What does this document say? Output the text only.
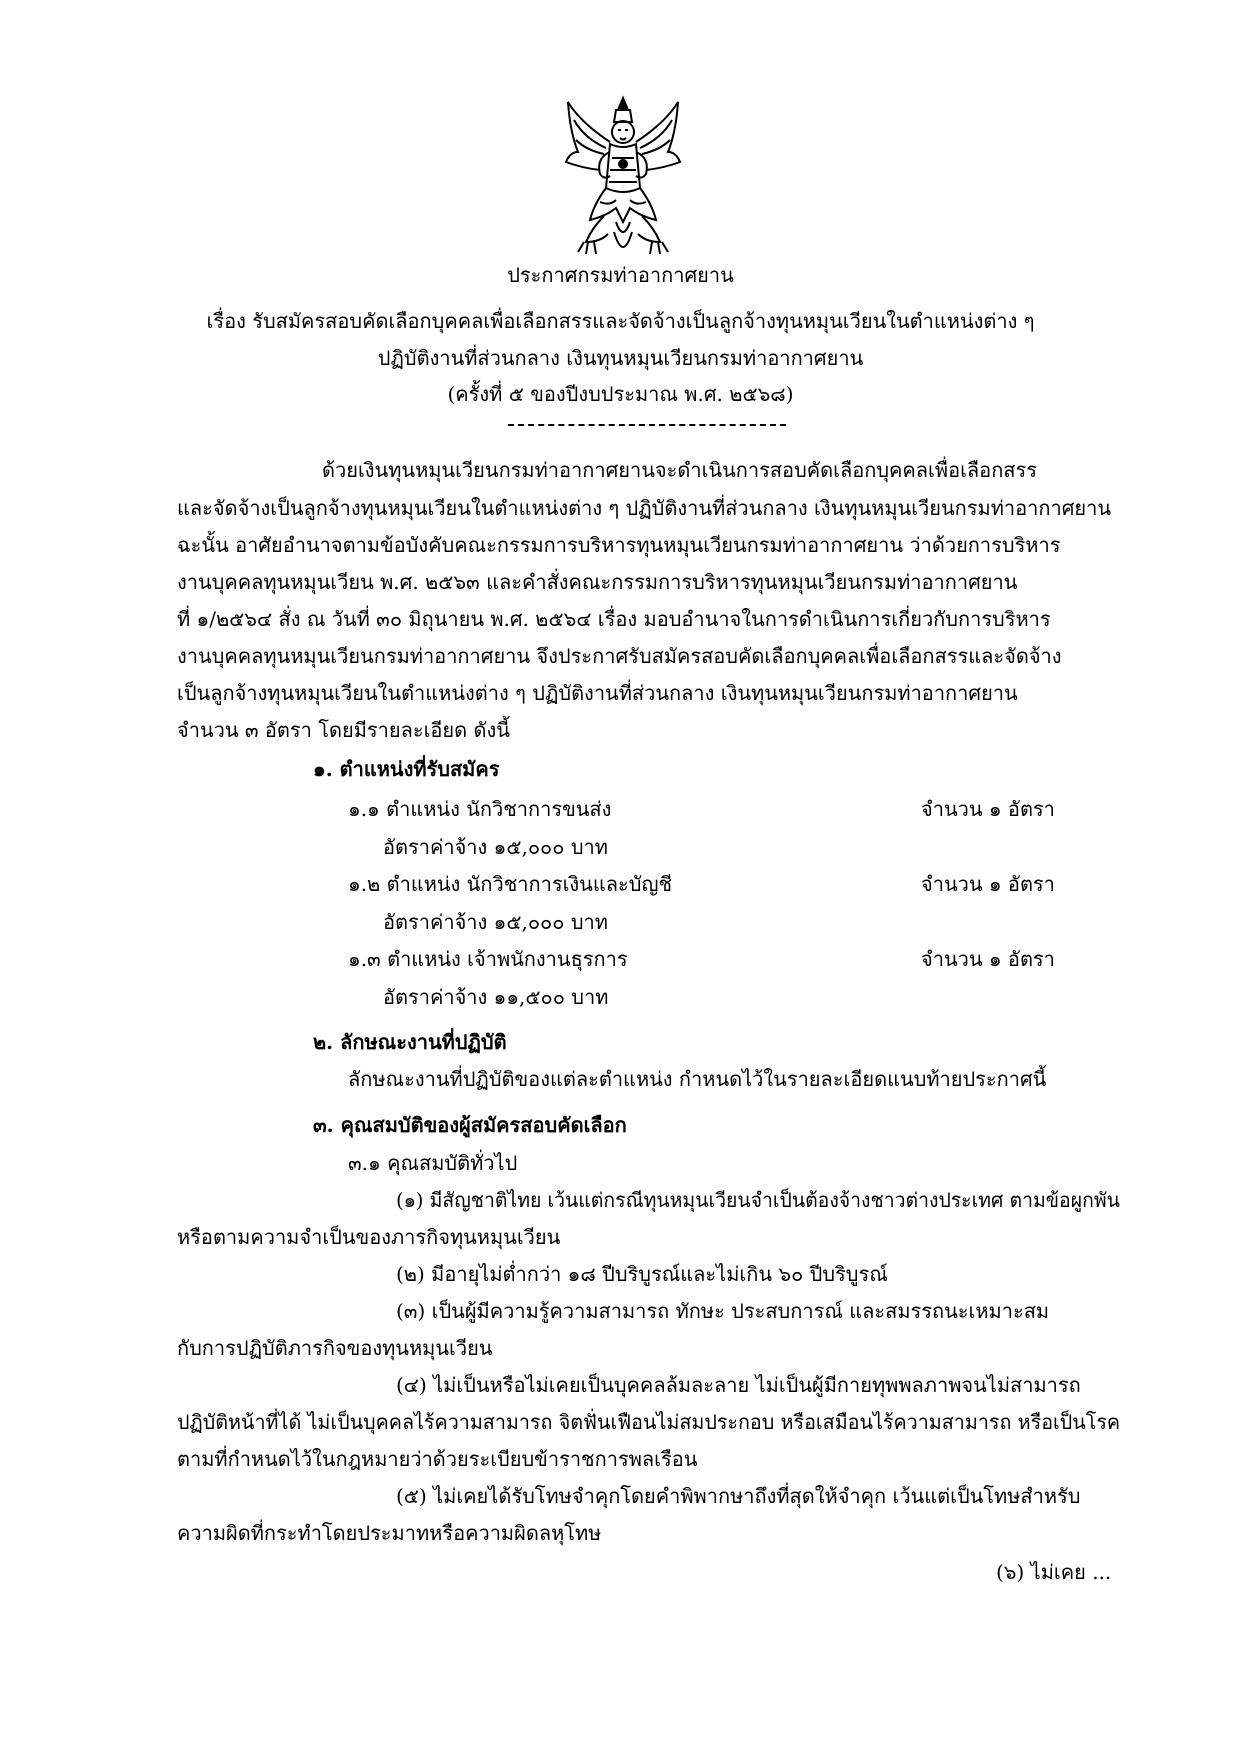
ประกาศกรมท่าอากาศยาน
เรื่อง รับสมัครสอบคัดเลือกบุคคลเพื่อเลือกสรรและจัดจ้างเป็นลูกจ้างทุนหมุนเวียนในตำแหน่งต่าง ๆ
ปฏิบัติงานที่ส่วนกลาง เงินทุนหมุนเวียนกรมท่าอากาศยาน
(ครั้งที่ ๕ ของปีงบประมาณ พ.ศ. ๒๕๖๘)
ด้วยเงินทุนหมุนเวียนกรมท่าอากาศยานจะดำเนินการสอบคัดเลือกบุคคลเพื่อเลือกสรร
และจัดจ้างเป็นลูกจ้างทุนหมุนเวียนในตำแหน่งต่าง ๆ ปฏิบัติงานที่ส่วนกลาง เงินทุนหมุนเวียนกรมท่าอากาศยาน
ฉะนั้น อาศัยอำนาจตามข้อบังคับคณะกรรมการบริหารทุนหมุนเวียนกรมท่าอากาศยาน ว่าด้วยการบริหาร
งานบุคคลทุนหมุนเวียน พ.ศ. ๒๕๖๓ และคำสั่งคณะกรรมการบริหารทุนหมุนเวียนกรมท่าอากาศยาน
ที่ ๑/๒๕๖๔ สั่ง ณ วันที่ ๓๐ มิถุนายน พ.ศ. ๒๕๖๔ เรื่อง มอบอำนาจในการดำเนินการเกี่ยวกับการบริหาร
งานบุคคลทุนหมุนเวียนกรมท่าอากาศยาน จึงประกาศรับสมัครสอบคัดเลือกบุคคลเพื่อเลือกสรรและจัดจ้าง
เป็นลูกจ้างทุนหมุนเวียนในตำแหน่งต่าง ๆ ปฏิบัติงานที่ส่วนกลาง เงินทุนหมุนเวียนกรมท่าอากาศยาน
จำนวน ๓ อัตรา โดยมีรายละเอียด ดังนี้
๑. ตำแหน่งที่รับสมัคร
๑.๑ ตำแหน่ง นักวิชาการขนส่ง	จำนวน ๑ อัตรา
อัตราค่าจ้าง ๑๕,๐๐๐ บาท
๑.๒ ตำแหน่ง นักวิชาการเงินและบัญชี	จำนวน ๑ อัตรา
อัตราค่าจ้าง ๑๕,๐๐๐ บาท
๑.๓ ตำแหน่ง เจ้าพนักงานธุรการ	จำนวน ๑ อัตรา
อัตราค่าจ้าง ๑๑,๕๐๐ บาท
๒. ลักษณะงานที่ปฏิบัติ
ลักษณะงานที่ปฏิบัติของแต่ละตำแหน่ง กำหนดไว้ในรายละเอียดแนบท้ายประกาศนี้
๓. คุณสมบัติของผู้สมัครสอบคัดเลือก
๓.๑ คุณสมบัติทั่วไป
(๑) มีสัญชาติไทย เว้นแต่กรณีทุนหมุนเวียนจำเป็นต้องจ้างชาวต่างประเทศ ตามข้อผูกพัน
หรือตามความจำเป็นของภารกิจทุนหมุนเวียน
(๒) มีอายุไม่ต่ำกว่า ๑๘ ปีบริบูรณ์และไม่เกิน ๖๐ ปีบริบูรณ์
(๓) เป็นผู้มีความรู้ความสามารถ ทักษะ ประสบการณ์ และสมรรถนะเหมาะสม
กับการปฏิบัติภารกิจของทุนหมุนเวียน
(๔) ไม่เป็นหรือไม่เคยเป็นบุคคลล้มละลาย ไม่เป็นผู้มีกายทุพพลภาพจนไม่สามารถ
ปฏิบัติหน้าที่ได้ ไม่เป็นบุคคลไร้ความสามารถ จิตฟั่นเฟือนไม่สมประกอบ หรือเสมือนไร้ความสามารถ หรือเป็นโรค
ตามที่กำหนดไว้ในกฎหมายว่าด้วยระเบียบข้าราชการพลเรือน
(๕) ไม่เคยได้รับโทษจำคุกโดยคำพิพากษาถึงที่สุดให้จำคุก เว้นแต่เป็นโทษสำหรับ
ความผิดที่กระทำโดยประมาทหรือความผิดลหุโทษ
(๖) ไม่เคย ...
